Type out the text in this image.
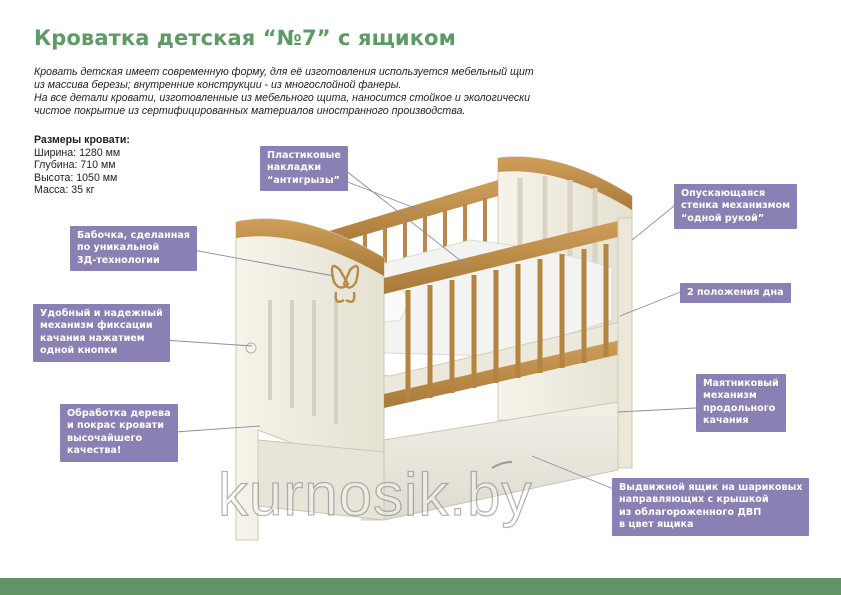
Кроватка детская “№7” с ящиком
Кровать детская имеет современную форму, для её изготовления используется мебельный щит
из массива березы; внутренние конструкции - из многослойной фанеры.
На все детали кровати, изготовленные из мебельного щита, наносится стойкое и экологически
чистое покрытие из сертифицированных материалов иностранного производства.
Размеры кровати:
Ширина: 1280 мм
Глубина: 710 мм
Высота: 1050 мм
Масса: 35 кг
Пластиковые
накладки
“антигрызы”
Бабочка, сделанная
по уникальной
3Д-технологии
Удобный и надежный
механизм фиксации
качания нажатием
одной кнопки
Обработка дерева
и покрас кровати
высочайшего
качества!
Опускающаяся
стенка механизмом
“одной рукой”
2 положения дна
Маятниковый
механизм
продольного
качания
Выдвижной ящик на шариковых
направляющих с крышкой
из облагороженного ДВП
в цвет ящика
kurnosik.by
